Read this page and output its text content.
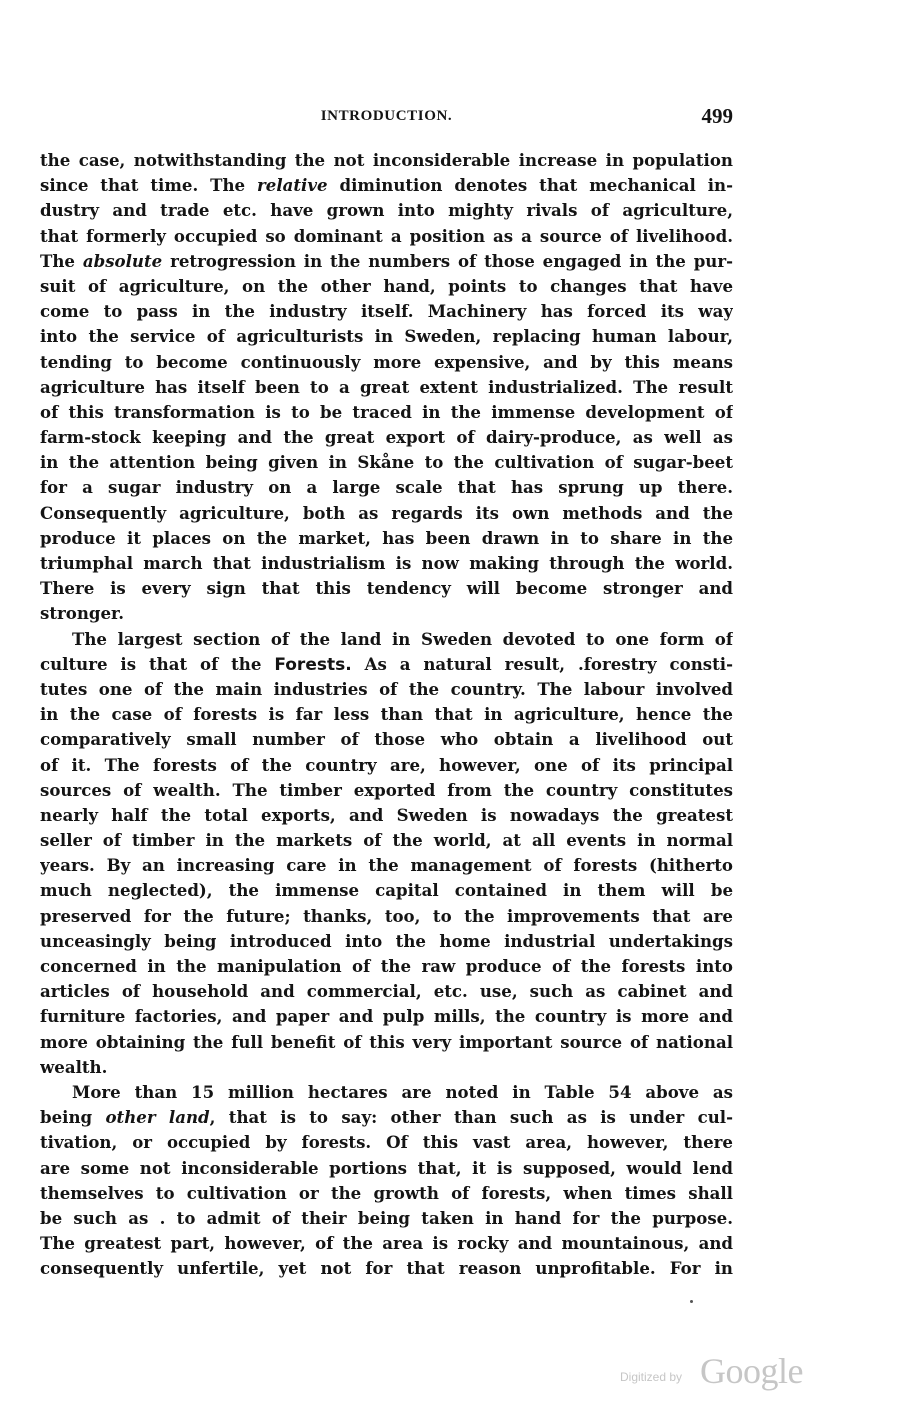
INTRODUCTION.	499
the case, notwithstanding the not inconsiderable increase in population
since that time. The relative diminution denotes that mechanical in-
dustry and trade etc. have grown into mighty rivals of agriculture,
that formerly occupied so dominant a position as a source of livelihood.
The absolute retrogression in the numbers of those engaged in the pur-
suit of agriculture, on the other hand, points to changes that have
come to pass in the industry itself. Machinery has forced its way
into the service of agriculturists in Sweden, replacing human labour,
tending to become continuously more expensive, and by this means
agriculture has itself been to a great extent industrialized. The result
of this transformation is to be traced in the immense development of
farm-stock keeping and the great export of dairy-produce, as well as
in the attention being given in Skåne to the cultivation of sugar-beet
for a sugar industry on a large scale that has sprung up there.
Consequently agriculture, both as regards its own methods and the
produce it places on the market, has been drawn in to share in the
triumphal march that industrialism is now making through the world.
There is every sign that this tendency will become stronger and
stronger.
The largest section of the land in Sweden devoted to one form of
culture is that of the Forests. As a natural result, .forestry consti-
tutes one of the main industries of the country. The labour involved
in the case of forests is far less than that in agriculture, hence the
comparatively small number of those who obtain a livelihood out
of it. The forests of the country are, however, one of its principal
sources of wealth. The timber exported from the country constitutes
nearly half the total exports, and Sweden is nowadays the greatest
seller of timber in the markets of the world, at all events in normal
years. By an increasing care in the management of forests (hitherto
much neglected), the immense capital contained in them will be
preserved for the future; thanks, too, to the improvements that are
unceasingly being introduced into the home industrial undertakings
concerned in the manipulation of the raw produce of the forests into
articles of household and commercial, etc. use, such as cabinet and
furniture factories, and paper and pulp mills, the country is more and
more obtaining the full benefit of this very important source of national
wealth.
More than 15 million hectares are noted in Table 54 above as
being other land, that is to say: other than such as is under cul-
tivation, or occupied by forests. Of this vast area, however, there
are some not inconsiderable portions that, it is supposed, would lend
themselves to cultivation or the growth of forests, when times shall
be such as . to admit of their being taken in hand for the purpose.
The greatest part, however, of the area is rocky and mountainous, and
consequently unfertile, yet not for that reason unprofitable. For in
Digitized by Google
